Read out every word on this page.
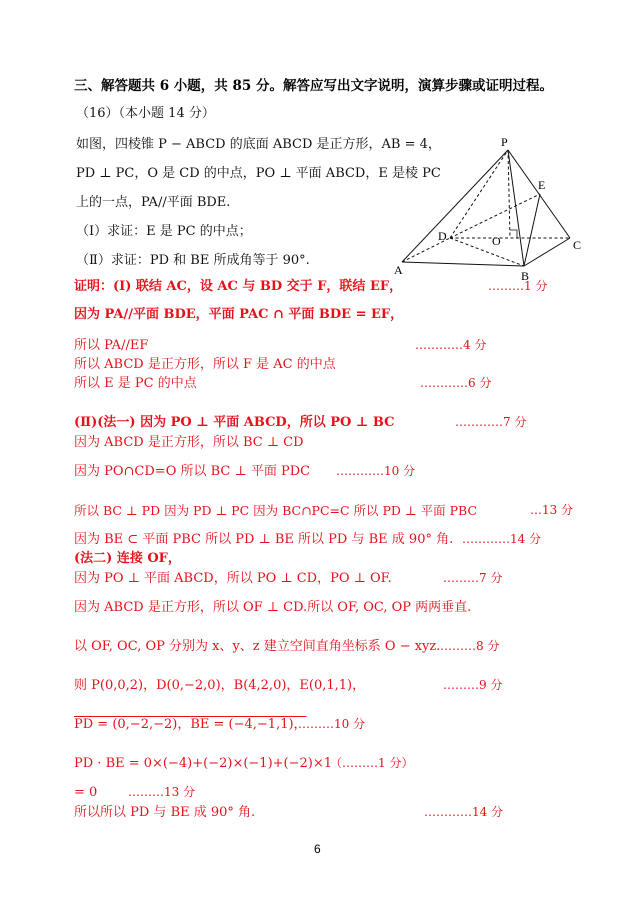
三、解答题共 6 小题，共 85 分。解答应写出文字说明，演算步骤或证明过程。
（16）（本小题 14 分）
如图，四棱锥 P − ABCD 的底面 ABCD 是正方形，AB = 4，
PD ⊥ PC，O 是 CD 的中点，PO ⊥ 平面 ABCD，E 是棱 PC
上的一点，PA//平面 BDE.
（Ⅰ）求证：E 是 PC 的中点；
（Ⅱ）求证：PD 和 BE 所成角等于 90°.
P
E
D	O	C
A	B
证明：(Ⅰ) 联结 AC，设 AC 与 BD 交于 F，联结 EF，	………1 分
因为 PA//平面 BDE，平面 PAC ∩ 平面 BDE = EF，
所以 PA//EF	…………4 分
所以 ABCD 是正方形，所以 F 是 AC 的中点
所以 E 是 PC 的中点	…………6 分
(Ⅱ)(法一) 因为 PO ⊥ 平面 ABCD，所以 PO ⊥ BC	…………7 分
因为 ABCD 是正方形，所以 BC ⊥ CD
因为 PO∩CD=O 所以 BC ⊥ 平面 PDC …………10 分
所以 BC ⊥ PD 因为 PD ⊥ PC 因为 BC∩PC=C 所以 PD ⊥ 平面 PBC	…13 分
因为 BE ⊂ 平面 PBC 所以 PD ⊥ BE 所以 PD 与 BE 成 90° 角. …………14 分
(法二) 连接 OF，
因为 PO ⊥ 平面 ABCD，所以 PO ⊥ CD，PO ⊥ OF.	………7 分
因为 ABCD 是正方形，所以 OF ⊥ CD.所以 OF, OC, OP 两两垂直.
以 OF, OC, OP 分别为 x、y、z 建立空间直角坐标系 O − xyz. ………8 分
则 P(0,0,2)，D(0,−2,0)，B(4,2,0)，E(0,1,1)，	………9 分
PD = (0,−2,−2)，BE = (−4,−1,1)，
………10 分
PD · BE = 0×(−4)+(−2)×(−1)+(−2)×1
（………1 分）
= 0	………13 分
所以所以 PD 与 BE 成 90° 角.	…………14 分
6
